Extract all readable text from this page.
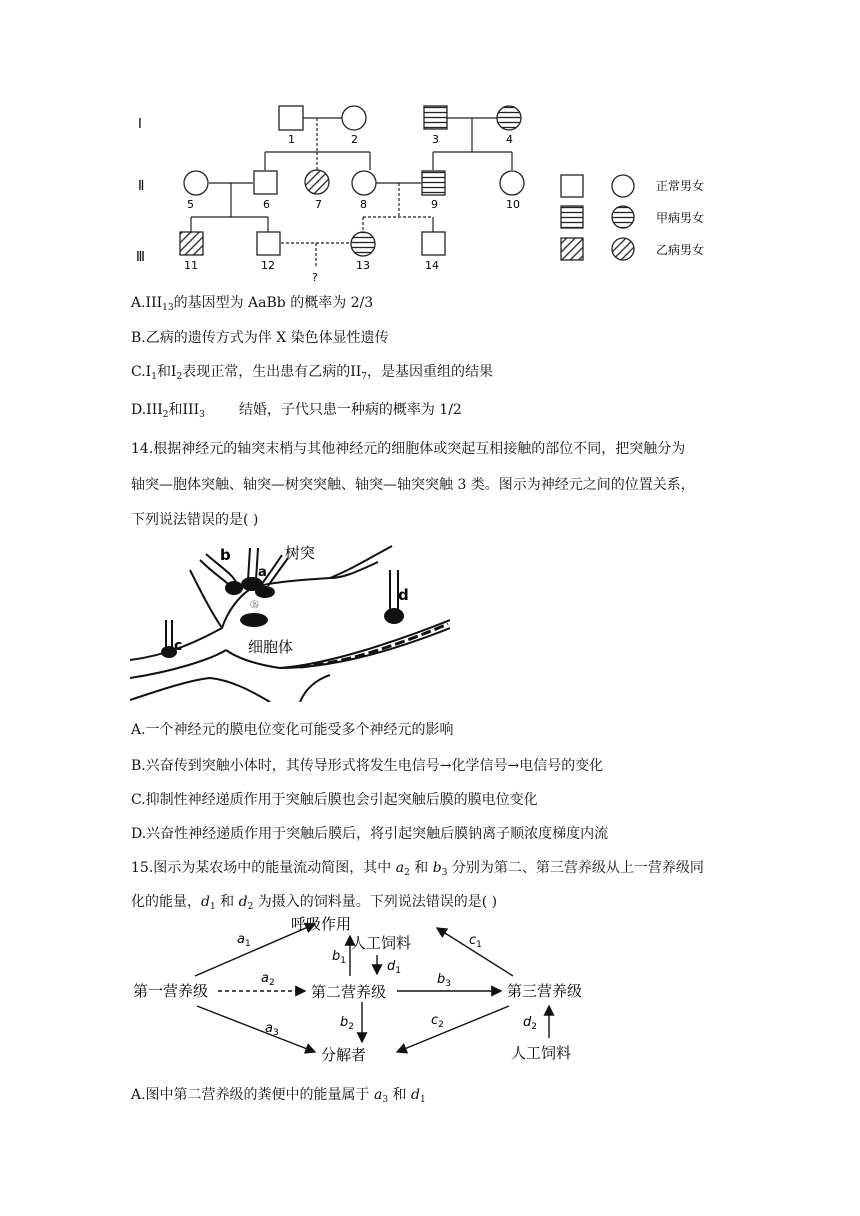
Ⅰ
Ⅱ
Ⅲ
1	2	3	4
5	6	7	8	9	10
11	12	13	14
?
正常男女
甲病男女
乙病男女
$A.III_{13}$的基因型为 AaBb 的概率为 2/3
B.乙病的遗传方式为伴 X 染色体显性遗传
$C.I_1$和$I_2$表现正常，生出患有乙病的$II_7$，是基因重组的结果
$D.III_2$和$III_3$ 结婚，子代只患一种病的概率为 1/2
14.根据神经元的轴突末梢与其他神经元的细胞体或突起互相接触的部位不同，把突触分为
轴突—胞体突触、轴突—树突突触、轴突—轴突突触 3 类。图示为神经元之间的位置关系，
下列说法错误的是( )
b
a
e
d
c
树突
细胞体
A.一个神经元的膜电位变化可能受多个神经元的影响
B.兴奋传到突触小体时，其传导形式将发生电信号→化学信号→电信号的变化
C.抑制性神经递质作用于突触后膜也会引起突触后膜的膜电位变化
D.兴奋性神经递质作用于突触后膜后，将引起突触后膜钠离子顺浓度梯度内流
15.图示为某农场中的能量流动简图，其中 $a_2$ 和 $b_3$ 分别为第二、第三营养级从上一营养级同
化的能量，$d_1$ 和 $d_2$ 为摄入的饲料量。下列说法错误的是( )
呼吸作用
人工饲料
第一营养级	第二营养级	第三营养级
分解者	人工饲料
$a_1$
$a_2$
$a_3$
$b_1$	$d_1$
$b_2$
$b_3$
$c_1$
$c_2$	$d_2$
A.图中第二营养级的粪便中的能量属于 $a_3$ 和 $d_1$
